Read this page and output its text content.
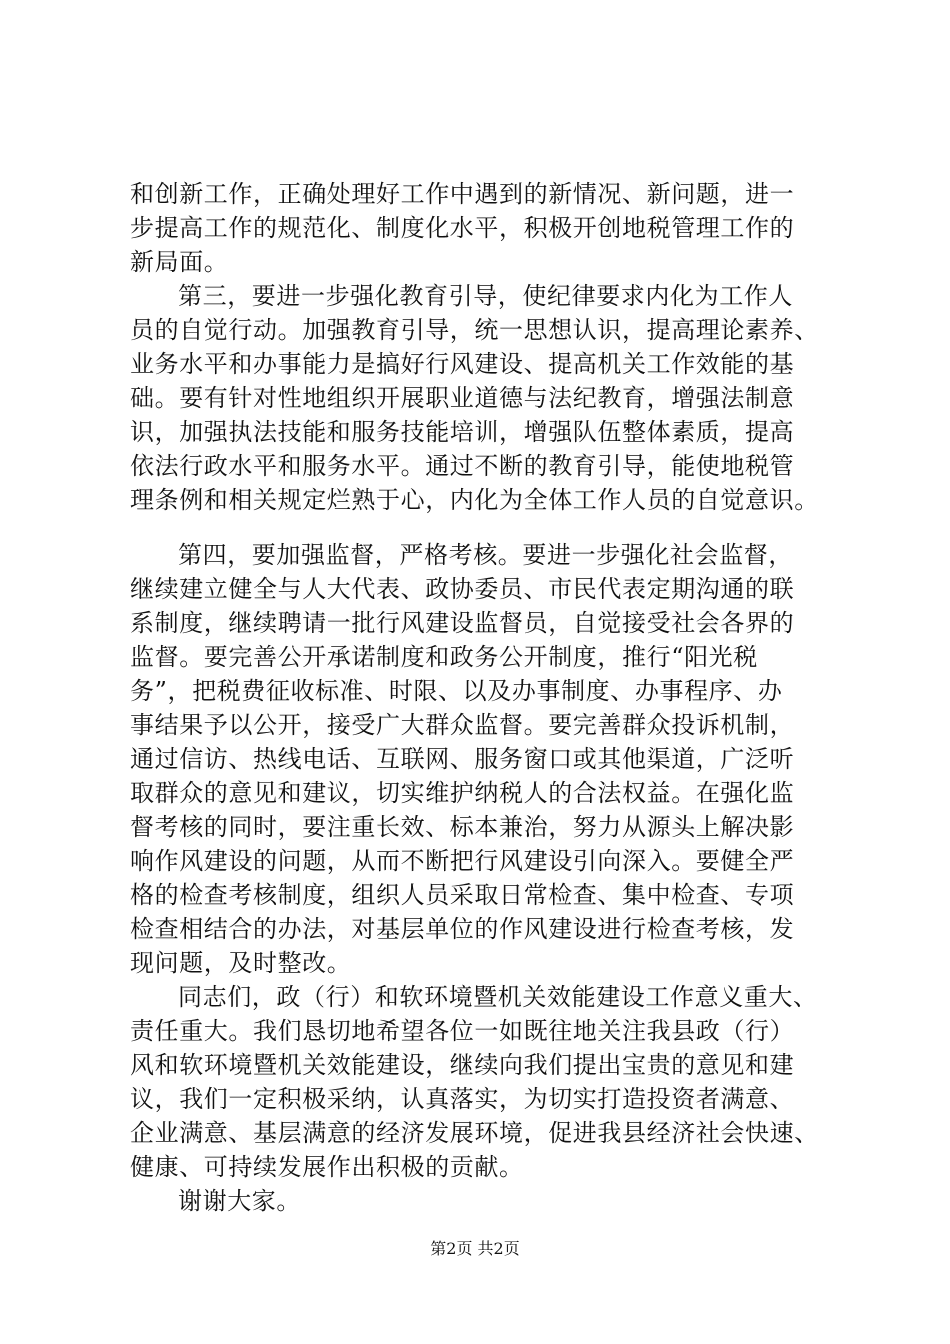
和创新工作，正确处理好工作中遇到的新情况、新问题，进一
步提高工作的规范化、制度化水平，积极开创地税管理工作的
新局面。
第三，要进一步强化教育引导，使纪律要求内化为工作人
员的自觉行动。加强教育引导，统一思想认识，提高理论素养、
业务水平和办事能力是搞好行风建设、提高机关工作效能的基
础。要有针对性地组织开展职业道德与法纪教育，增强法制意
识，加强执法技能和服务技能培训，增强队伍整体素质，提高
依法行政水平和服务水平。通过不断的教育引导，能使地税管
理条例和相关规定烂熟于心，内化为全体工作人员的自觉意识。
第四，要加强监督，严格考核。要进一步强化社会监督，
继续建立健全与人大代表、政协委员、市民代表定期沟通的联
系制度，继续聘请一批行风建设监督员，自觉接受社会各界的
监督。要完善公开承诺制度和政务公开制度，推行“阳光税
务”，把税费征收标准、时限、以及办事制度、办事程序、办
事结果予以公开，接受广大群众监督。要完善群众投诉机制，
通过信访、热线电话、互联网、服务窗口或其他渠道，广泛听
取群众的意见和建议，切实维护纳税人的合法权益。在强化监
督考核的同时，要注重长效、标本兼治，努力从源头上解决影
响作风建设的问题，从而不断把行风建设引向深入。要健全严
格的检查考核制度，组织人员采取日常检查、集中检查、专项
检查相结合的办法，对基层单位的作风建设进行检查考核，发
现问题，及时整改。
同志们，政（行）和软环境暨机关效能建设工作意义重大、
责任重大。我们恳切地希望各位一如既往地关注我县政（行）
风和软环境暨机关效能建设，继续向我们提出宝贵的意见和建
议，我们一定积极采纳，认真落实，为切实打造投资者满意、
企业满意、基层满意的经济发展环境，促进我县经济社会快速、
健康、可持续发展作出积极的贡献。
谢谢大家。
第2页 共2页
